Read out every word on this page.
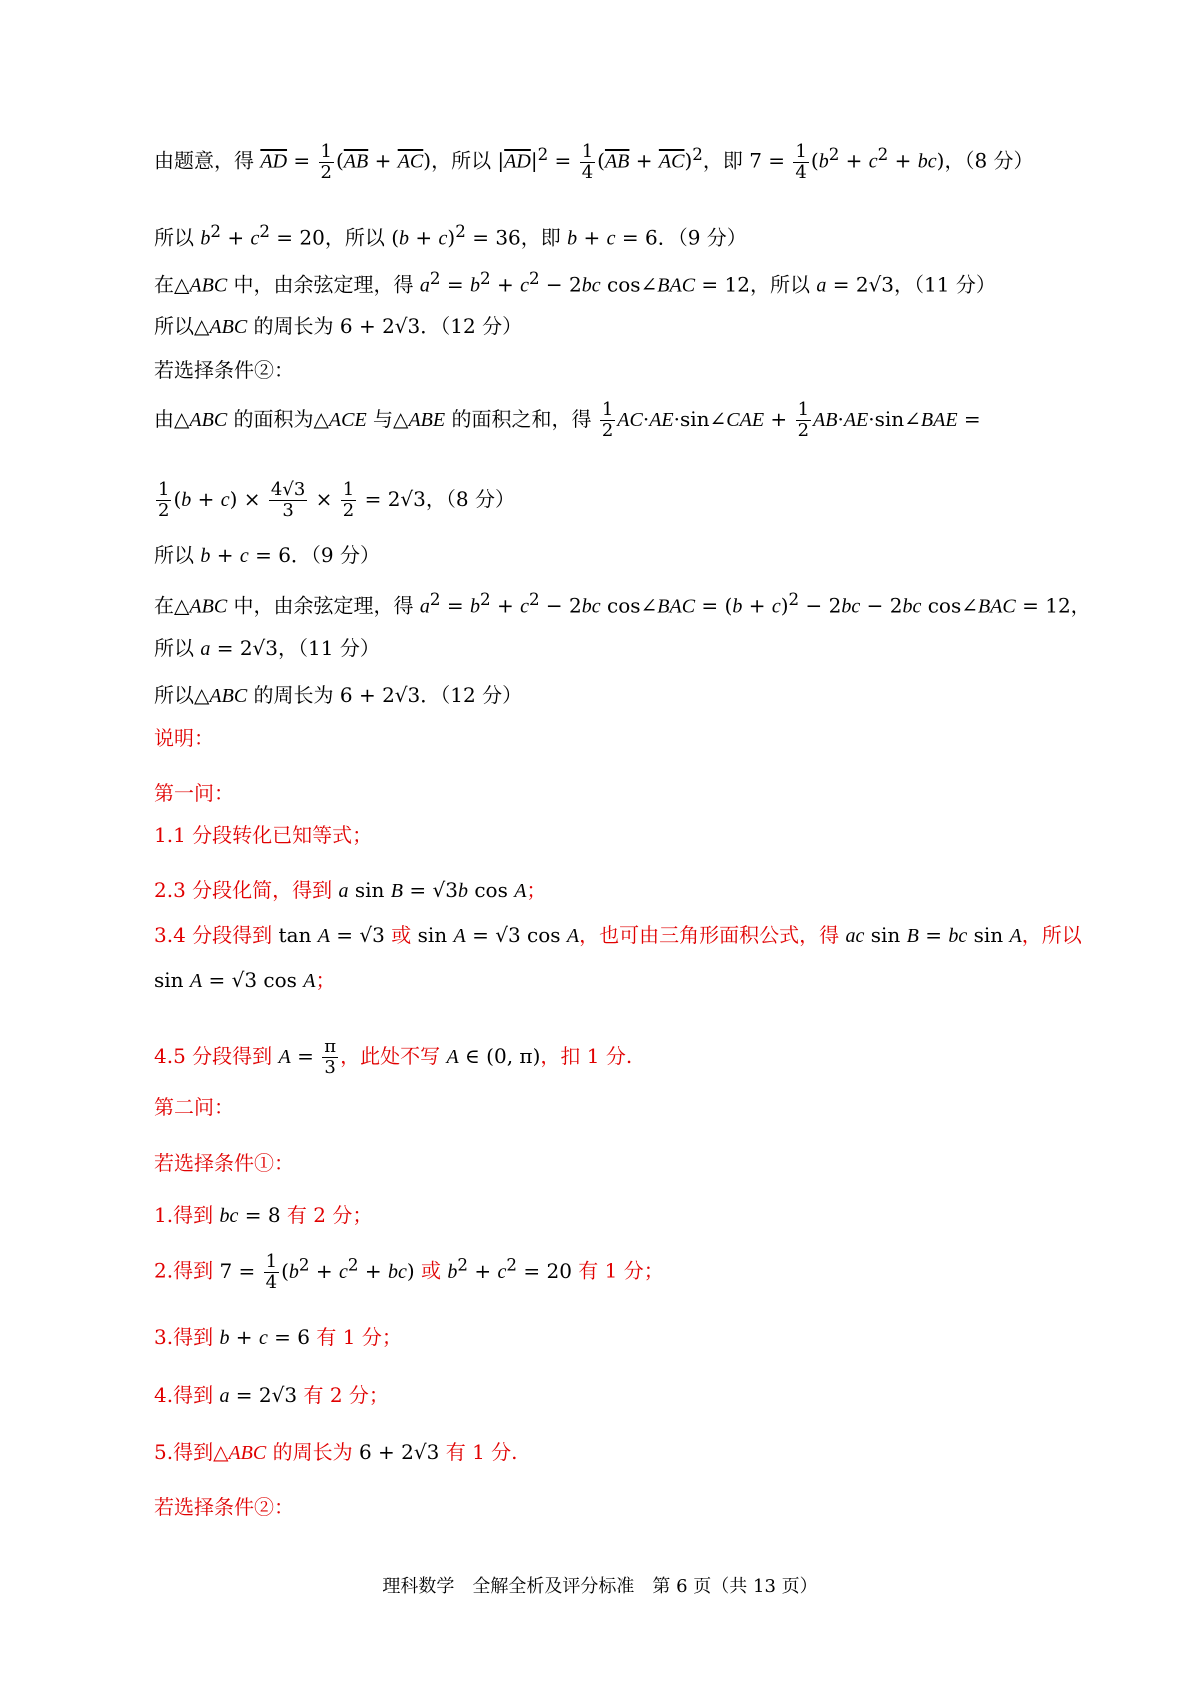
由题意，得 $\overline{AD} = \frac{1}{2} (\overline{AB} + \overline{AC})$，所以 $|\overline{AD}|^2 = \frac{1}{4} (\overline{AB} + \overline{AC})^2$，即 $7 = \frac{1}{4} (b^2 + c^2 + bc)$，（8 分）
所以 $b^2 + c^2 = 20$，所以 $(b + c)^2 = 36$，即 b + c = 6．（9 分）
在△ABC 中，由余弦定理，得 $a^2 = b^2 + c^2 - 2bc$ cos∠BAC = 12，所以 a = 2√3，（11 分）
所以△ABC 的周长为 6 + 2√3．（12 分）
若选择条件②：
由△ABC 的面积为△ACE 与△ABE 的面积之和，得 $\frac{1}{2}$ AC·AE·sin∠CAE + $\frac{1}{2}$ AB·AE·sin∠BAE =
$\frac{1}{2} (b + c) \times \frac{4√3}{3} \times \frac{1}{2} = 2√3$，（8 分）
所以 b + c = 6．（9 分）
在△ABC 中，由余弦定理，得 $a^2 = b^2 + c^2 - 2bc$ cos∠BAC = $(b + c)^2 - 2bc - 2bc$ cos∠BAC = 12，
所以 a = 2√3，（11 分）
所以△ABC 的周长为 6 + 2√3．（12 分）
说明：
第一问：
1.1 分段转化已知等式；
2.3 分段化简，得到 a sin B = √3b cos A；
3.4 分段得到 tan A = √3 或 sin A = √3 cos A，也可由三角形面积公式，得 ac sin B = bc sin A，所以
sin A = √3 cos A；
4.5 分段得到 $A = \frac{\pi}{3}$ ，此处不写 A ∈ (0, π)，扣 1 分.
第二问：
若选择条件①：
1.得到 bc = 8 有 2 分；
2.得到 $7 = \frac{1}{4} (b^2 + c^2 + bc)$ 或 $b^2 + c^2 = 20$ 有 1 分；
3.得到 b + c = 6 有 1 分；
4.得到 a = 2√3 有 2 分；
5.得到△ABC 的周长为 6 + 2√3 有 1 分.
若选择条件②：
理科数学　全解全析及评分标准　第 6 页（共 13 页）
